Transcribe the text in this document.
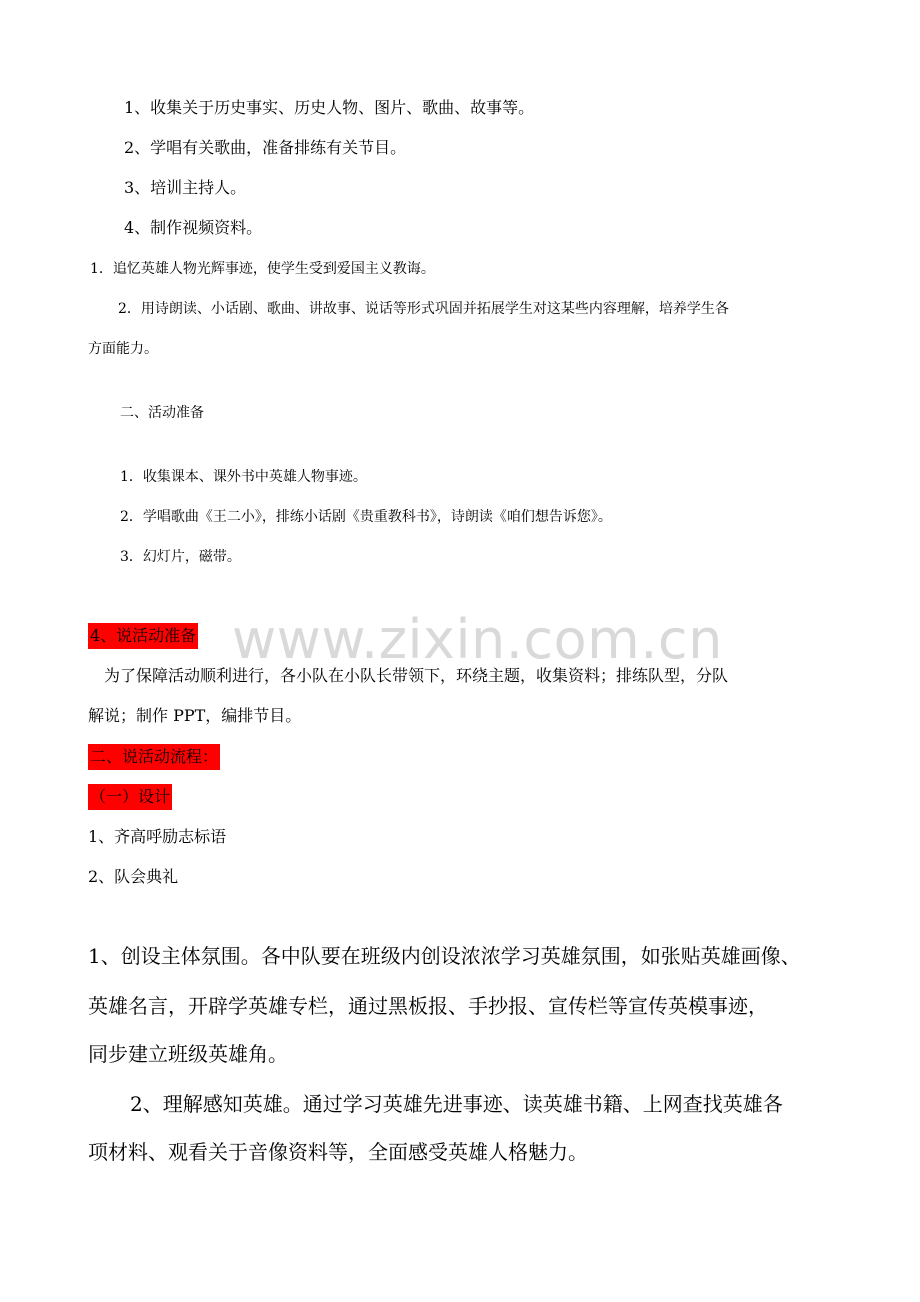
www.zixin.com.cn
1、收集关于历史事实、历史人物、图片、歌曲、故事等。
2、学唱有关歌曲，准备排练有关节目。
3、培训主持人。
4、制作视频资料。
1．追忆英雄人物光辉事迹，使学生受到爱国主义教诲。
2．用诗朗读、小话剧、歌曲、讲故事、说话等形式巩固并拓展学生对这某些内容理解，培养学生各
方面能力。
二、活动准备
1．收集课本、课外书中英雄人物事迹。
2．学唱歌曲《王二小》，排练小话剧《贵重教科书》，诗朗读《咱们想告诉您》。
3．幻灯片，磁带。
4、说活动准备
为了保障活动顺利进行，各小队在小队长带领下，环绕主题，收集资料；排练队型，分队
解说；制作 PPT，编排节目。
二、说活动流程：
（一）设计
1、齐高呼励志标语
2、队会典礼
1、创设主体氛围。各中队要在班级内创设浓浓学习英雄氛围，如张贴英雄画像、
英雄名言，开辟学英雄专栏，通过黑板报、手抄报、宣传栏等宣传英模事迹，
同步建立班级英雄角。
2、理解感知英雄。通过学习英雄先进事迹、读英雄书籍、上网查找英雄各
项材料、观看关于音像资料等，全面感受英雄人格魅力。
